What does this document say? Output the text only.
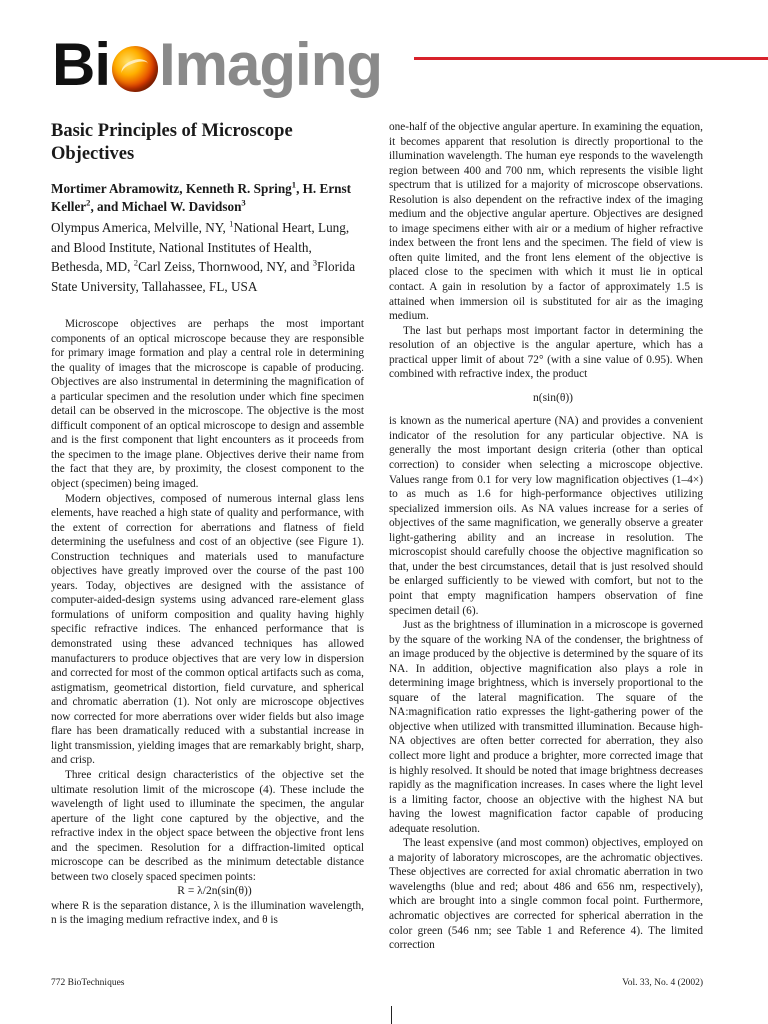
Bi Imaging
Basic Principles of Microscope Objectives
Mortimer Abramowitz, Kenneth R. Spring$^1$, H. Ernst Keller$^2$, and Michael W. Davidson$^3$
Olympus America, Melville, NY, $^1$National Heart, Lung, and Blood Institute, National Institutes of Health, Bethesda, MD, $^2$Carl Zeiss, Thornwood, NY, and $^3$Florida State University, Tallahassee, FL, USA

Microscope objectives are perhaps the most important components of an optical microscope because they are responsible for primary image formation and play a central role in determining the quality of images that the microscope is capable of producing. Objectives are also instrumental in determining the magnification of a particular specimen and the resolution under which fine specimen detail can be observed in the microscope. The objective is the most difficult component of an optical microscope to design and assemble and is the first component that light encounters as it proceeds from the specimen to the image plane. Objectives derive their name from the fact that they are, by proximity, the closest component to the object (specimen) being imaged.

Modern objectives, composed of numerous internal glass lens elements, have reached a high state of quality and performance, with the extent of correction for aberrations and flatness of field determining the usefulness and cost of an objective (see Figure 1). Construction techniques and materials used to manufacture objectives have greatly improved over the course of the past 100 years. Today, objectives are designed with the assistance of computer-aided-design systems using advanced rare-element glass formulations of uniform composition and quality having highly specific refractive indices. The enhanced performance that is demonstrated using these advanced techniques has allowed manufacturers to produce objectives that are very low in dispersion and corrected for most of the common optical artifacts such as coma, astigmatism, geometrical distortion, field curvature, and spherical and chromatic aberration (1). Not only are microscope objectives now corrected for more aberrations over wider fields but also image flare has been dramatically reduced with a substantial increase in light transmission, yielding images that are remarkably bright, sharp, and crisp.

Three critical design characteristics of the objective set the ultimate resolution limit of the microscope (4). These include the wavelength of light used to illuminate the specimen, the angular aperture of the light cone captured by the objective, and the refractive index in the object space between the objective front lens and the specimen. Resolution for a diffraction-limited optical microscope can be described as the minimum detectable distance between two closely spaced specimen points:

R = λ/2n(sin(θ))

where R is the separation distance, λ is the illumination wavelength, n is the imaging medium refractive index, and θ is

one-half of the objective angular aperture. In examining the equation, it becomes apparent that resolution is directly proportional to the illumination wavelength. The human eye responds to the wavelength region between 400 and 700 nm, which represents the visible light spectrum that is utilized for a majority of microscope observations. Resolution is also dependent on the refractive index of the imaging medium and the objective angular aperture. Objectives are designed to image specimens either with air or a medium of higher refractive index between the front lens and the specimen. The field of view is often quite limited, and the front lens element of the objective is placed close to the specimen with which it must lie in optical contact. A gain in resolution by a factor of approximately 1.5 is attained when immersion oil is substituted for air as the imaging medium.

The last but perhaps most important factor in determining the resolution of an objective is the angular aperture, which has a practical upper limit of about 72° (with a sine value of 0.95). When combined with refractive index, the product

n(sin(θ))

is known as the numerical aperture (NA) and provides a convenient indicator of the resolution for any particular objective. NA is generally the most important design criteria (other than optical correction) to consider when selecting a microscope objective. Values range from 0.1 for very low magnification objectives (1–4×) to as much as 1.6 for high-performance objectives utilizing specialized immersion oils. As NA values increase for a series of objectives of the same magnification, we generally observe a greater light-gathering ability and an increase in resolution. The microscopist should carefully choose the objective magnification so that, under the best circumstances, detail that is just resolved should be enlarged sufficiently to be viewed with comfort, but not to the point that empty magnification hampers observation of fine specimen detail (6).

Just as the brightness of illumination in a microscope is governed by the square of the working NA of the condenser, the brightness of an image produced by the objective is determined by the square of its NA. In addition, objective magnification also plays a role in determining image brightness, which is inversely proportional to the square of the lateral magnification. The square of the NA:magnification ratio expresses the light-gathering power of the objective when utilized with transmitted illumination. Because high-NA objectives are often better corrected for aberration, they also collect more light and produce a brighter, more corrected image that is highly resolved. It should be noted that image brightness decreases rapidly as the magnification increases. In cases where the light level is a limiting factor, choose an objective with the highest NA but having the lowest magnification factor capable of producing adequate resolution.

The least expensive (and most common) objectives, employed on a majority of laboratory microscopes, are the achromatic objectives. These objectives are corrected for axial chromatic aberration in two wavelengths (blue and red; about 486 and 656 nm, respectively), which are brought into a single common focal point. Furthermore, achromatic objectives are corrected for spherical aberration in the color green (546 nm; see Table 1 and Reference 4). The limited correction

772 BioTechniques	Vol. 33, No. 4 (2002)
